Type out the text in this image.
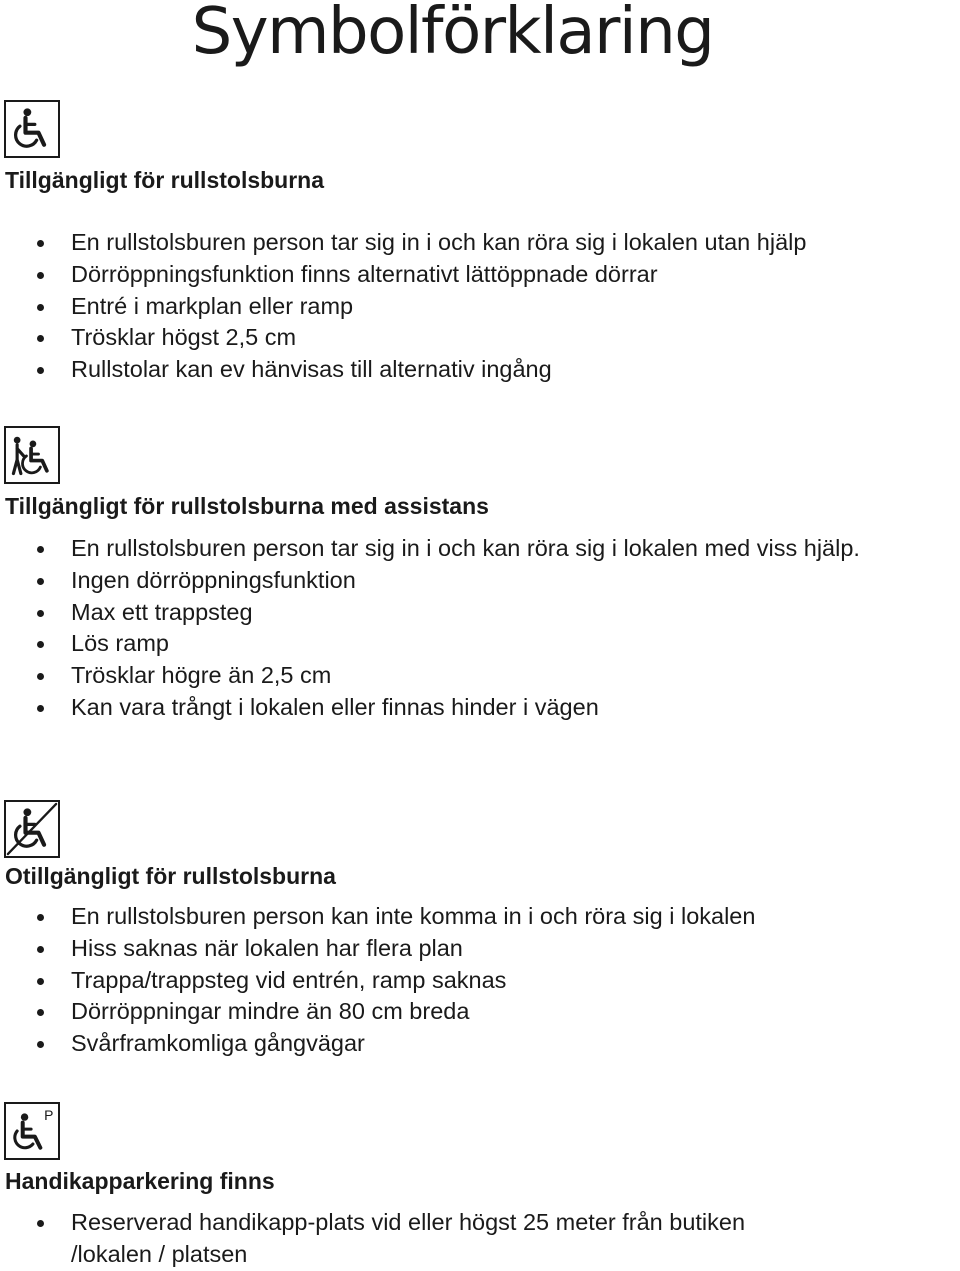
Symbolförklaring
Tillgängligt för rullstolsburna
En rullstolsburen person tar sig in i och kan röra sig i lokalen utan hjälp
Dörröppningsfunktion finns alternativt lättöppnade dörrar
Entré i markplan eller ramp
Trösklar högst 2,5 cm
Rullstolar kan ev hänvisas till alternativ ingång
Tillgängligt för rullstolsburna med assistans
En rullstolsburen person tar sig in i och kan röra sig i lokalen med viss hjälp.
Ingen dörröppningsfunktion
Max ett trappsteg
Lös ramp
Trösklar högre än 2,5 cm
Kan vara trångt i lokalen eller finnas hinder i vägen
Otillgängligt för rullstolsburna
En rullstolsburen person kan inte komma in i och röra sig i lokalen
Hiss saknas när lokalen har flera plan
Trappa/trappsteg vid entrén, ramp saknas
Dörröppningar mindre än 80 cm breda
Svårframkomliga gångvägar
P
Handikapparkering finns
Reserverad handikapp-plats vid eller högst 25 meter från butiken /lokalen / platsen
